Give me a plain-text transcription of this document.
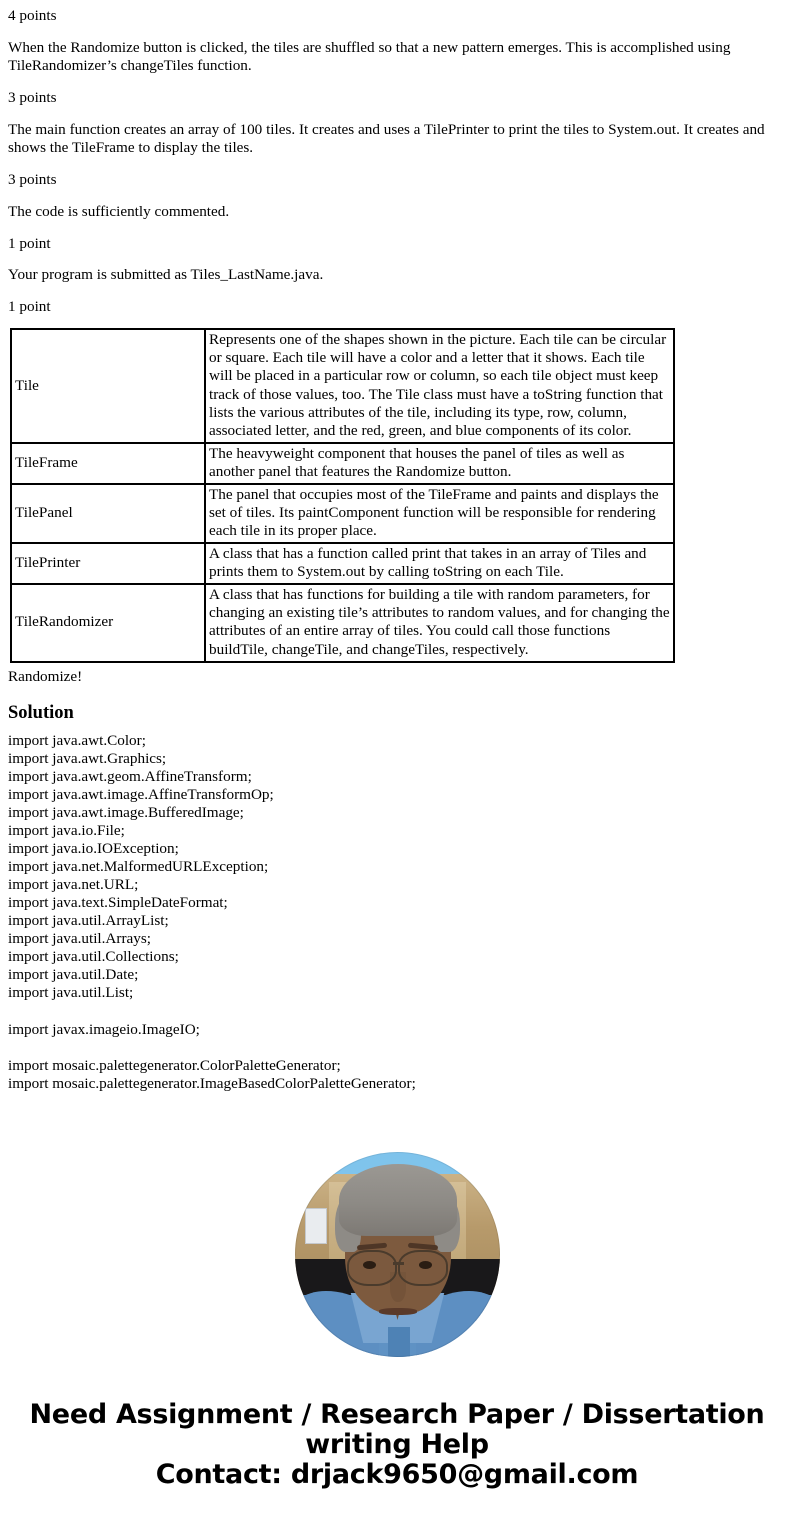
4 points

When the Randomize button is clicked, the tiles are shuffled so that a new pattern emerges. This is accomplished using TileRandomizer’s changeTiles function.

3 points

The main function creates an array of 100 tiles. It creates and uses a TilePrinter to print the tiles to System.out. It creates and shows the TileFrame to display the tiles.

3 points

The code is sufficiently commented.

1 point

Your program is submitted as Tiles_LastName.java.

1 point

Tile	Represents one of the shapes shown in the picture. Each tile can be circular or square. Each tile will have a color and a letter that it shows. Each tile will be placed in a particular row or column, so each tile object must keep track of those values, too. The Tile class must have a toString function that lists the various attributes of the tile, including its type, row, column, associated letter, and the red, green, and blue components of its color.
TileFrame	The heavyweight component that houses the panel of tiles as well as another panel that features the Randomize button.
TilePanel	The panel that occupies most of the TileFrame and paints and displays the set of tiles. Its paintComponent function will be responsible for rendering each tile in its proper place.
TilePrinter	A class that has a function called print that takes in an array of Tiles and prints them to System.out by calling toString on each Tile.
TileRandomizer	A class that has functions for building a tile with random parameters, for changing an existing tile’s attributes to random values, and for changing the attributes of an entire array of tiles. You could call those functions buildTile, changeTile, and changeTiles, respectively.

Randomize!

Solution
import java.awt.Color;
import java.awt.Graphics;
import java.awt.geom.AffineTransform;
import java.awt.image.AffineTransformOp;
import java.awt.image.BufferedImage;
import java.io.File;
import java.io.IOException;
import java.net.MalformedURLException;
import java.net.URL;
import java.text.SimpleDateFormat;
import java.util.ArrayList;
import java.util.Arrays;
import java.util.Collections;
import java.util.Date;
import java.util.List;
import javax.imageio.ImageIO;
import mosaic.palettegenerator.ColorPaletteGenerator;
import mosaic.palettegenerator.ImageBasedColorPaletteGenerator;
Need Assignment / Research Paper / Dissertation
writing Help
Contact: drjack9650@gmail.com
